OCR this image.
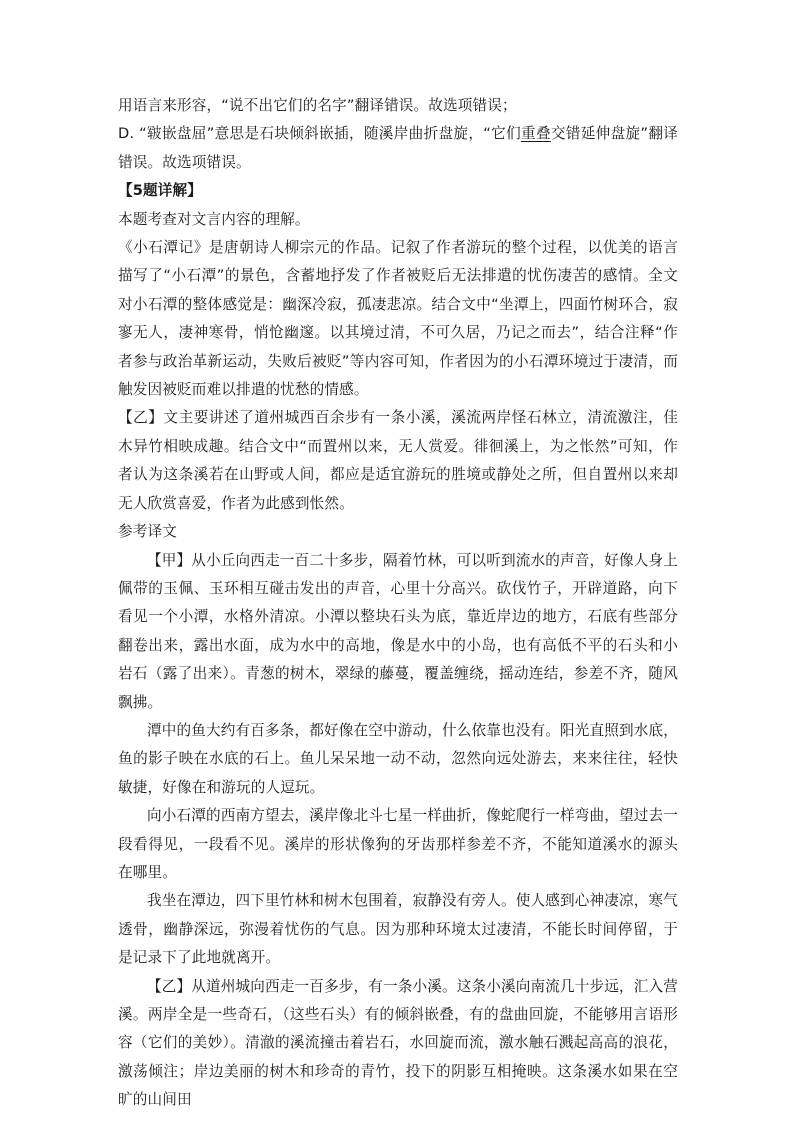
用语言来形容，“说不出它们的名字”翻译错误。故选项错误；

D. “皲嵌盘屈”意思是石块倾斜嵌插，随溪岸曲折盘旋，“它们重叠交错延伸盘旋”翻译错误。故选项错误。

【5题详解】

本题考查对文言内容的理解。

《小石潭记》是唐朝诗人柳宗元的作品。记叙了作者游玩的整个过程，以优美的语言描写了“小石潭”的景色，含蓄地抒发了作者被贬后无法排遣的忧伤凄苦的感情。全文对小石潭的整体感觉是：幽深冷寂，孤凄悲凉。结合文中“坐潭上，四面竹树环合，寂寥无人，凄神寒骨，悄怆幽邃。以其境过清，不可久居，乃记之而去”，结合注释“作者参与政治革新运动，失败后被贬”等内容可知，作者因为的小石潭环境过于凄清，而触发因被贬而难以排遣的忧愁的情感。

【乙】文主要讲述了道州城西百余步有一条小溪，溪流两岸怪石林立，清流激注，佳木异竹相映成趣。结合文中“而置州以来，无人赏爱。徘徊溪上，为之怅然”可知，作者认为这条溪若在山野或人间，都应是适宜游玩的胜境或静处之所，但自置州以来却无人欣赏喜爱，作者为此感到怅然。

参考译文

【甲】从小丘向西走一百二十多步，隔着竹林，可以听到流水的声音，好像人身上佩带的玉佩、玉环相互碰击发出的声音，心里十分高兴。砍伐竹子，开辟道路，向下看见一个小潭，水格外清凉。小潭以整块石头为底，靠近岸边的地方，石底有些部分翻卷出来，露出水面，成为水中的高地，像是水中的小岛，也有高低不平的石头和小岩石（露了出来）。青葱的树木，翠绿的藤蔓，覆盖缠绕，摇动连结，参差不齐，随风飘拂。

潭中的鱼大约有百多条，都好像在空中游动，什么依靠也没有。阳光直照到水底，鱼的影子映在水底的石上。鱼儿呆呆地一动不动，忽然向远处游去，来来往往，轻快敏捷，好像在和游玩的人逗玩。

向小石潭的西南方望去，溪岸像北斗七星一样曲折，像蛇爬行一样弯曲，望过去一段看得见，一段看不见。溪岸的形状像狗的牙齿那样参差不齐，不能知道溪水的源头在哪里。

我坐在潭边，四下里竹林和树木包围着，寂静没有旁人。使人感到心神凄凉，寒气透骨，幽静深远，弥漫着忧伤的气息。因为那种环境太过凄清，不能长时间停留，于是记录下了此地就离开。

【乙】从道州城向西走一百多步，有一条小溪。这条小溪向南流几十步远，汇入营溪。两岸全是一些奇石，（这些石头）有的倾斜嵌叠，有的盘曲回旋，不能够用言语形容（它们的美妙）。清澈的溪流撞击着岩石，水回旋而流，激水触石溅起高高的浪花，激荡倾注；岸边美丽的树木和珍奇的青竹，投下的阴影互相掩映。这条溪水如果在空旷的山间田
